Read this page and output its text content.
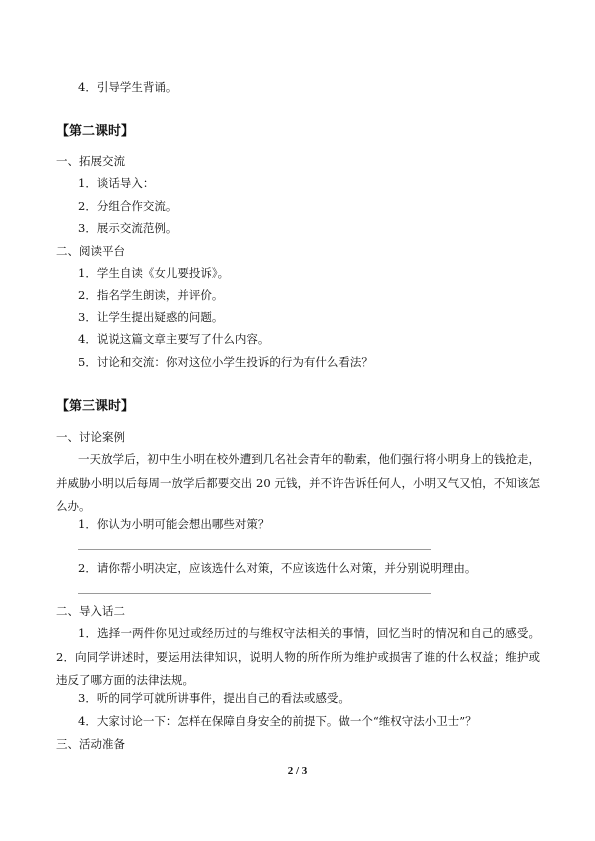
4．引导学生背诵。
【第二课时】
一、拓展交流
1．谈话导入：
2．分组合作交流。
3．展示交流范例。
二、阅读平台
1．学生自读《女儿要投诉》。
2．指名学生朗读，并评价。
3．让学生提出疑惑的问题。
4．说说这篇文章主要写了什么内容。
5．讨论和交流：你对这位小学生投诉的行为有什么看法？
【第三课时】
一、讨论案例
一天放学后，初中生小明在校外遭到几名社会青年的勒索，他们强行将小明身上的钱抢走，并威胁小明以后每周一放学后都要交出 20 元钱，并不许告诉任何人，小明又气又怕，不知该怎么办。
1．你认为小明可能会想出哪些对策？
2．请你帮小明决定，应该选什么对策，不应该选什么对策，并分别说明理由。
二、导入话二
1．选择一两件你见过或经历过的与维权守法相关的事情，回忆当时的情况和自己的感受。2．向同学讲述时，要运用法律知识，说明人物的所作所为维护或损害了谁的什么权益；维护或违反了哪方面的法律法规。
3．听的同学可就所讲事件，提出自己的看法或感受。
4．大家讨论一下：怎样在保障自身安全的前提下。做一个“维权守法小卫士”？
三、活动准备
2 / 3
